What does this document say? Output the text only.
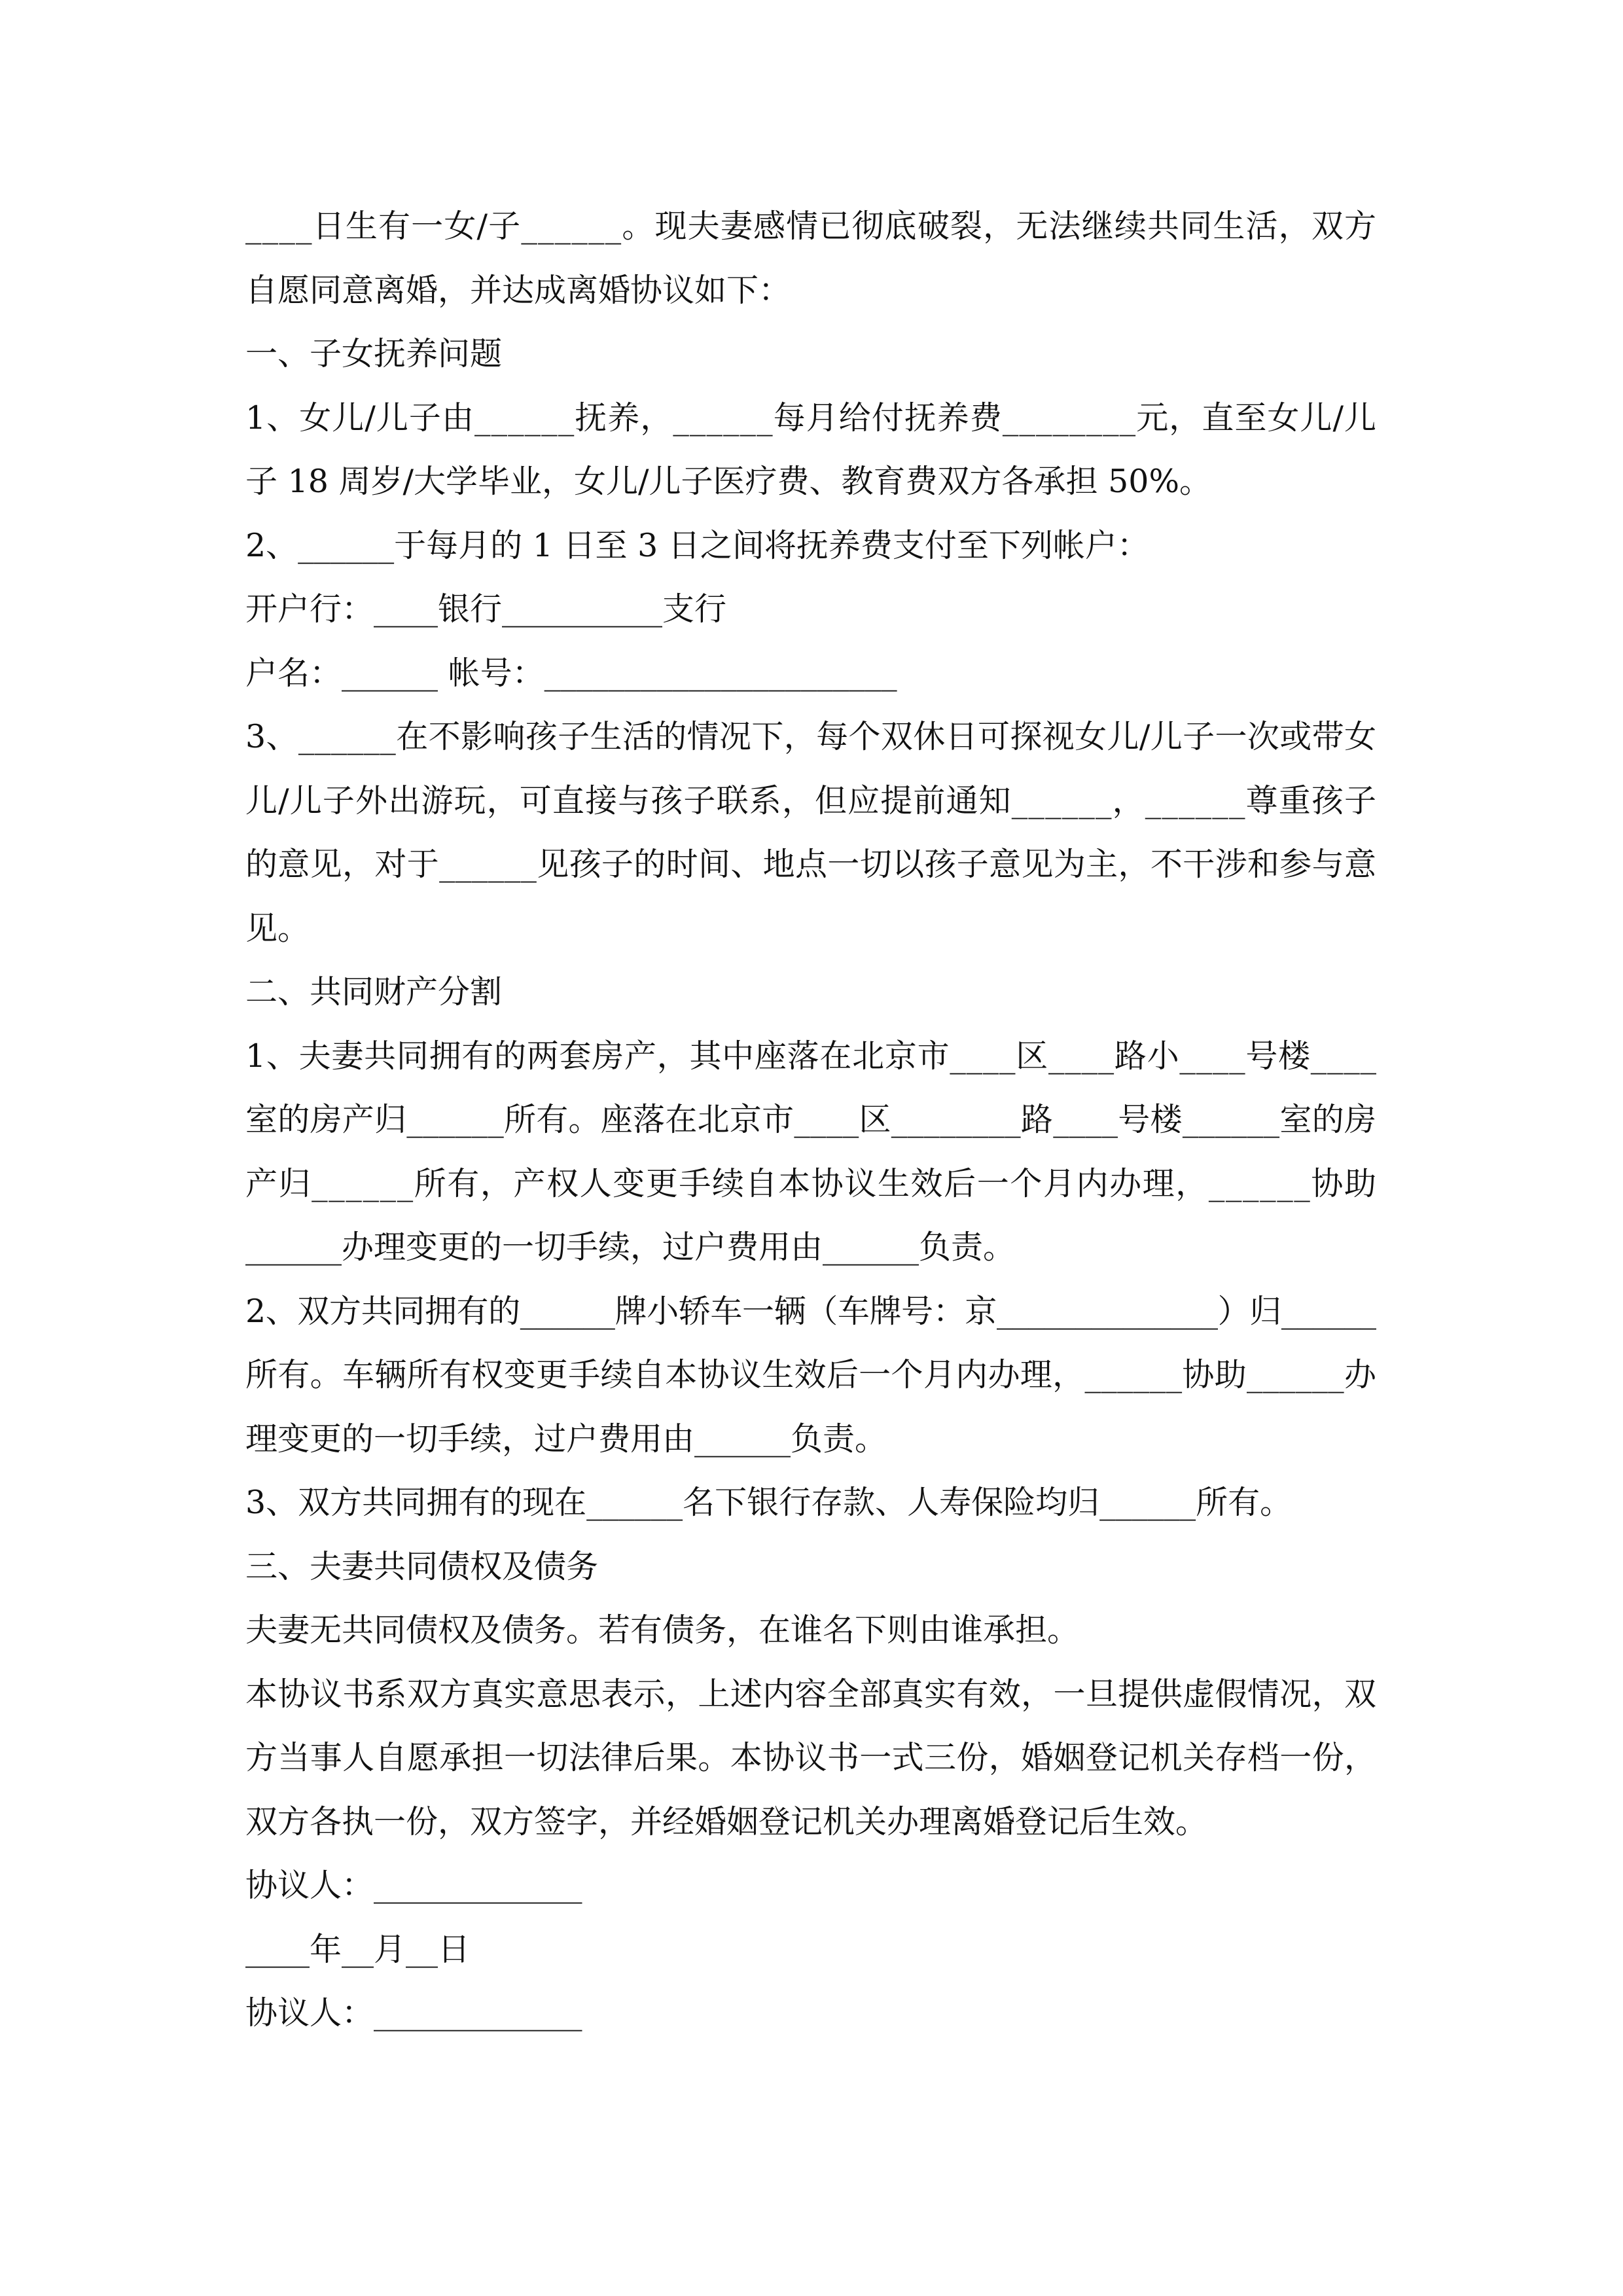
____日生有一女/子______。现夫妻感情已彻底破裂，无法继续共同生活，双方
自愿同意离婚，并达成离婚协议如下：
一、子女抚养问题
1、女儿/儿子由______抚养，______每月给付抚养费________元，直至女儿/儿
子 18 周岁/大学毕业，女儿/儿子医疗费、教育费双方各承担 50%。
2、______于每月的 1 日至 3 日之间将抚养费支付至下列帐户：
开户行：____银行__________支行
户名：______ 帐号：______________________
3、______在不影响孩子生活的情况下，每个双休日可探视女儿/儿子一次或带女
儿/儿子外出游玩，可直接与孩子联系，但应提前通知______，______尊重孩子
的意见，对于______见孩子的时间、地点一切以孩子意见为主，不干涉和参与意
见。
二、共同财产分割
1、夫妻共同拥有的两套房产，其中座落在北京市____区____路小____号楼____
室的房产归______所有。座落在北京市____区________路____号楼______室的房
产归______所有，产权人变更手续自本协议生效后一个月内办理，______协助
______办理变更的一切手续，过户费用由______负责。
2、双方共同拥有的______牌小轿车一辆（车牌号：京______________）归______
所有。车辆所有权变更手续自本协议生效后一个月内办理，______协助______办
理变更的一切手续，过户费用由______负责。
3、双方共同拥有的现在______名下银行存款、人寿保险均归______所有。
三、夫妻共同债权及债务
夫妻无共同债权及债务。若有债务，在谁名下则由谁承担。
本协议书系双方真实意思表示，上述内容全部真实有效，一旦提供虚假情况，双
方当事人自愿承担一切法律后果。本协议书一式三份，婚姻登记机关存档一份，
双方各执一份，双方签字，并经婚姻登记机关办理离婚登记后生效。
协议人：_____________
____年__月__日
协议人：_____________
